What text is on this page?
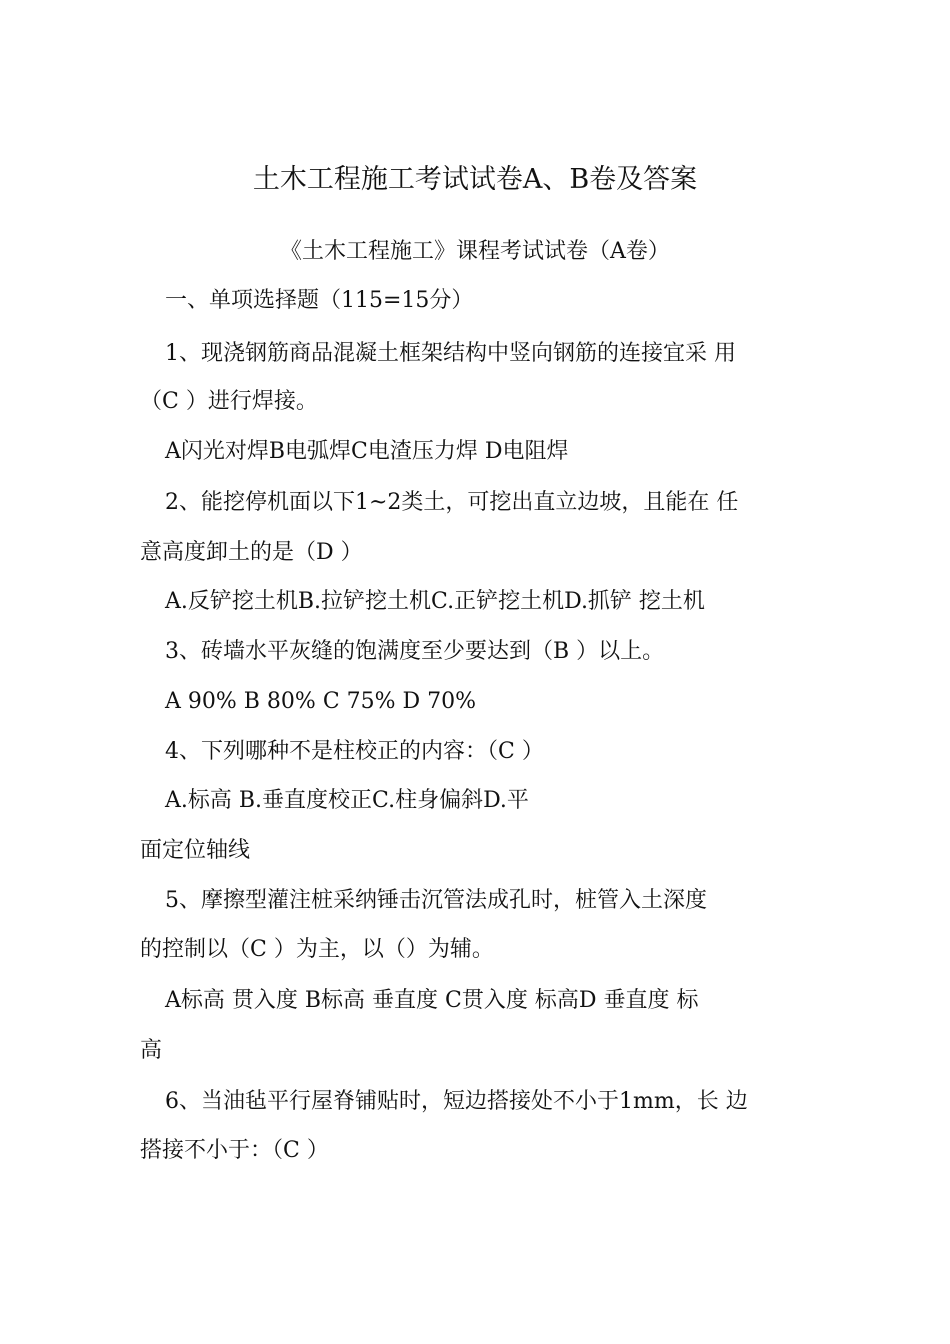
土木工程施工考试试卷A、B卷及答案
《土木工程施工》课程考试试卷（A卷）
一、单项选择题（115=15分）
1、现浇钢筋商品混凝土框架结构中竖向钢筋的连接宜采 用
（C ）进行焊接。
A闪光对焊B电弧焊C电渣压力焊 D电阻焊
2、能挖停机面以下1~2类土，可挖出直立边坡，且能在 任
意高度卸土的是（D ）
A.反铲挖土机B.拉铲挖土机C.正铲挖土机D.抓铲 挖土机
3、砖墙水平灰缝的饱满度至少要达到（B ）以上。
A 90% B 80% C 75% D 70%
4、下列哪种不是柱校正的内容：（C ）
A.标高 B.垂直度校正C.柱身偏斜D.平
面定位轴线
5、摩擦型灌注桩采纳锤击沉管法成孔时，桩管入土深度
的控制以（C ）为主，以（）为辅。
A标高 贯入度 B标高 垂直度 C贯入度 标高D 垂直度 标
高
6、当油毡平行屋脊铺贴时，短边搭接处不小于1mm，长 边
搭接不小于：（C ）
